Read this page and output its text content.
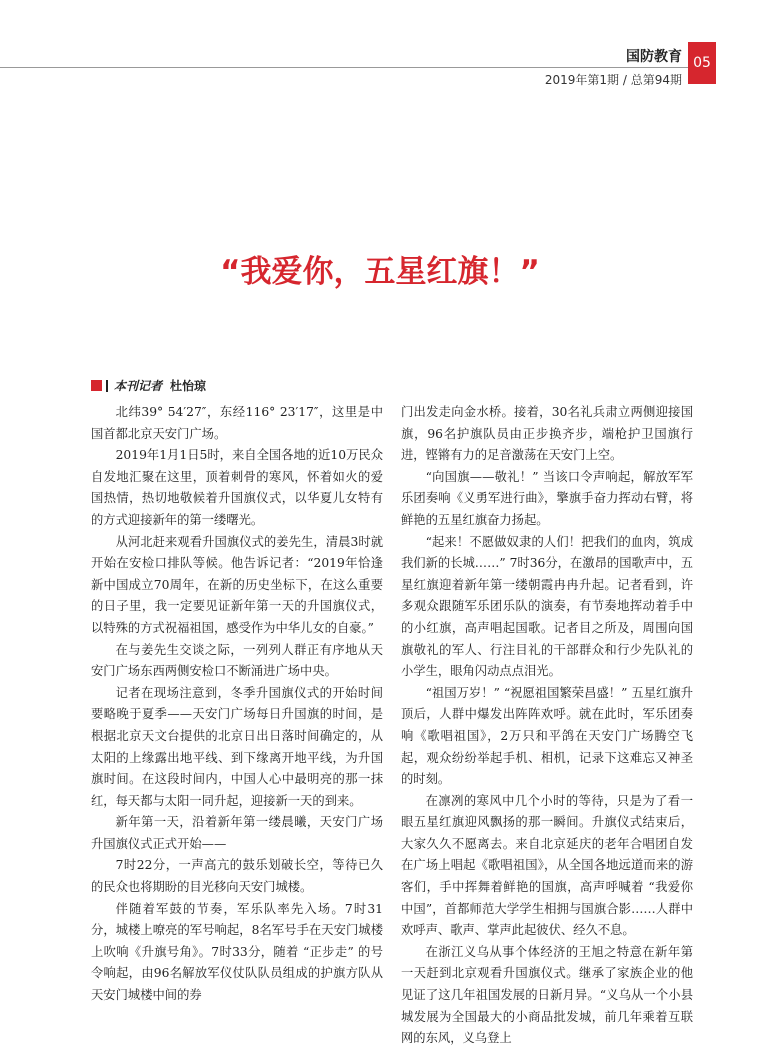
国防教育
2019年第1期 / 总第94期
05
“我爱你，五星红旗！”
本刊记者 杜怡琼

北纬39° 54′27″，东经116° 23′17″，这里是中国首都北京天安门广场。

2019年1月1日5时，来自全国各地的近10万民众自发地汇聚在这里，顶着刺骨的寒风，怀着如火的爱国热情，热切地敬候着升国旗仪式，以华夏儿女特有的方式迎接新年的第一缕曙光。

从河北赶来观看升国旗仪式的姜先生，清晨3时就开始在安检口排队等候。他告诉记者：“2019年恰逢新中国成立70周年，在新的历史坐标下，在这么重要的日子里，我一定要见证新年第一天的升国旗仪式，以特殊的方式祝福祖国，感受作为中华儿女的自豪。”

在与姜先生交谈之际，一列列人群正有序地从天安门广场东西两侧安检口不断涌进广场中央。

记者在现场注意到，冬季升国旗仪式的开始时间要略晚于夏季——天安门广场每日升国旗的时间，是根据北京天文台提供的北京日出日落时间确定的，从太阳的上缘露出地平线、到下缘离开地平线，为升国旗时间。在这段时间内，中国人心中最明亮的那一抹红，每天都与太阳一同升起，迎接新一天的到来。

新年第一天，沿着新年第一缕晨曦，天安门广场升国旗仪式正式开始——

7时22分，一声高亢的鼓乐划破长空，等待已久的民众也将期盼的目光移向天安门城楼。

伴随着军鼓的节奏，军乐队率先入场。7时31分，城楼上嘹亮的军号响起，8名军号手在天安门城楼上吹响《升旗号角》。7时33分，随着 “正步走” 的号令响起，由96名解放军仪仗队队员组成的护旗方队从天安门城楼中间的券

门出发走向金水桥。接着，30名礼兵肃立两侧迎接国旗，96名护旗队员由正步换齐步，端枪护卫国旗行进，铿锵有力的足音激荡在天安门上空。

“向国旗——敬礼！” 当该口令声响起，解放军军乐团奏响《义勇军进行曲》，擎旗手奋力挥动右臂，将鲜艳的五星红旗奋力扬起。

“起来！不愿做奴隶的人们！把我们的血肉，筑成我们新的长城……” 7时36分，在激昂的国歌声中，五星红旗迎着新年第一缕朝霞冉冉升起。记者看到，许多观众跟随军乐团乐队的演奏，有节奏地挥动着手中的小红旗，高声唱起国歌。记者目之所及，周围向国旗敬礼的军人、行注目礼的干部群众和行少先队礼的小学生，眼角闪动点点泪光。

“祖国万岁！” “祝愿祖国繁荣昌盛！” 五星红旗升顶后，人群中爆发出阵阵欢呼。就在此时，军乐团奏响《歌唱祖国》，2万只和平鸽在天安门广场腾空飞起，观众纷纷举起手机、相机，记录下这难忘又神圣的时刻。

在凛冽的寒风中几个小时的等待，只是为了看一眼五星红旗迎风飘扬的那一瞬间。升旗仪式结束后，大家久久不愿离去。来自北京延庆的老年合唱团自发在广场上唱起《歌唱祖国》，从全国各地远道而来的游客们，手中挥舞着鲜艳的国旗，高声呼喊着 “我爱你中国”，首都师范大学学生相拥与国旗合影……人群中欢呼声、歌声、掌声此起彼伏、经久不息。

在浙江义乌从事个体经济的王旭之特意在新年第一天赶到北京观看升国旗仪式。继承了家族企业的他见证了这几年祖国发展的日新月异。“义乌从一个小县城发展为全国最大的小商品批发城，前几年乘着互联网的东风，义乌登上
